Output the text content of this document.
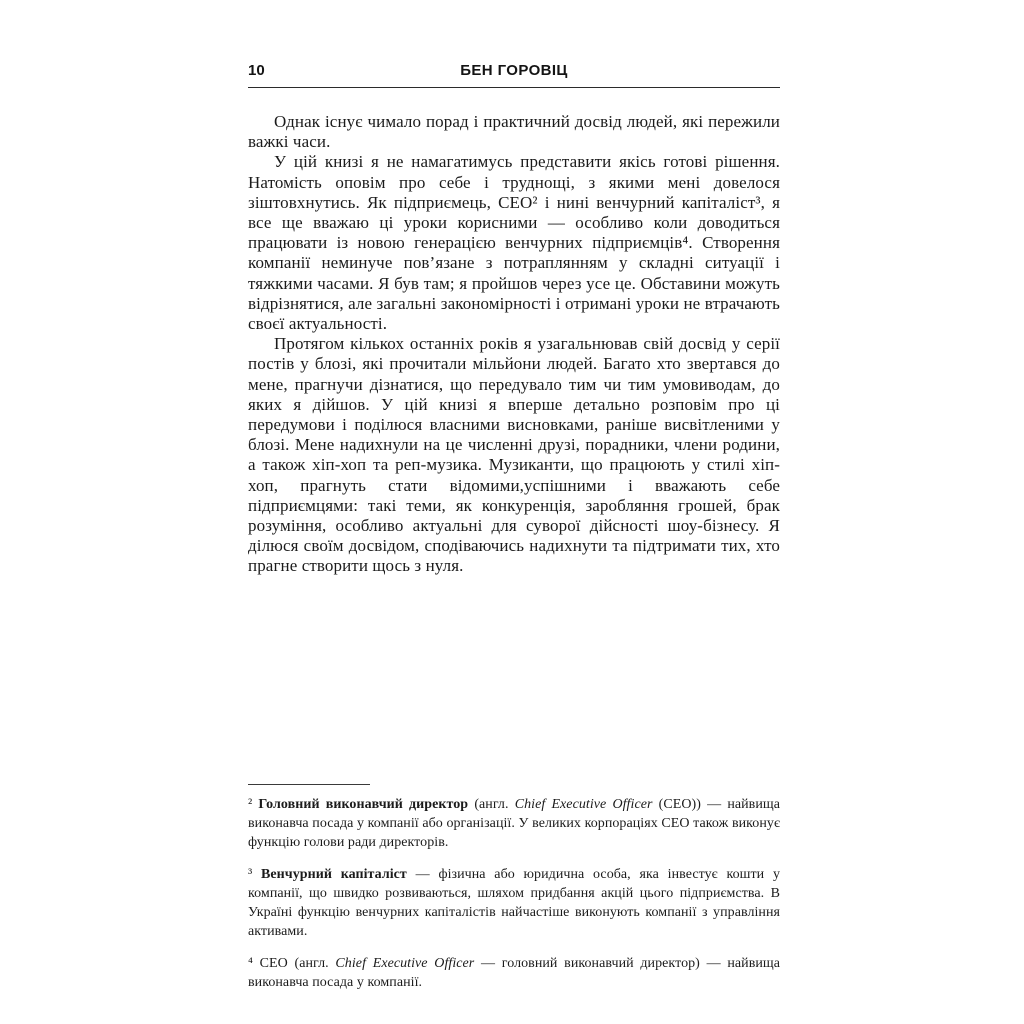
10	БЕН ГОРОВІЦ

Однак існує чимало порад і практичний досвід людей, які пережили важкі часи.

У цій книзі я не намагатимусь представити якісь готові рішення. Натомість оповім про себе і труднощі, з якими мені довелося зіштовхнутись. Як підприємець, CEO² і нині венчурний капіталіст³, я все ще вважаю ці уроки корисними — особливо коли доводиться працювати із новою генерацією венчурних підприємців⁴. Створення компанії неминуче пов’язане з потраплянням у складні ситуації і тяжкими часами. Я був там; я пройшов через усе це. Обставини можуть відрізнятися, але загальні закономірності і отримані уроки не втрачають своєї актуальності.

Протягом кількох останніх років я узагальнював свій досвід у серії постів у блозі, які прочитали мільйони людей. Багато хто звертався до мене, прагнучи дізнатися, що передувало тим чи тим умовиводам, до яких я дійшов. У цій книзі я вперше детально розповім про ці передумови і поділюся власними висновками, раніше висвітленими у блозі. Мене надихнули на це численні друзі, порадники, члени родини, а також хіп-хоп та реп-музика. Музиканти, що працюють у стилі хіп-хоп, прагнуть стати відомими,успішними і вважають себе підприємцями: такі теми, як конкуренція, заробляння грошей, брак розуміння, особливо актуальні для суворої дійсності шоу-бізнесу. Я ділюся своїм досвідом, сподіваючись надихнути та підтримати тих, хто прагне створити щось з нуля.

² Головний виконавчий директор (англ. Chief Executive Officer (CEO)) — найвища виконавча посада у компанії або організації. У великих корпораціях CEO також виконує функцію голови ради директорів.

³ Венчурний капіталіст — фізична або юридична особа, яка інвестує кошти у компанії, що швидко розвиваються, шляхом придбання акцій цього підприємства. В Україні функцію венчурних капіталістів найчастіше виконують компанії з управління активами.

⁴ CEO (англ. Chief Executive Officer — головний виконавчий директор) — найвища виконавча посада у компанії.
